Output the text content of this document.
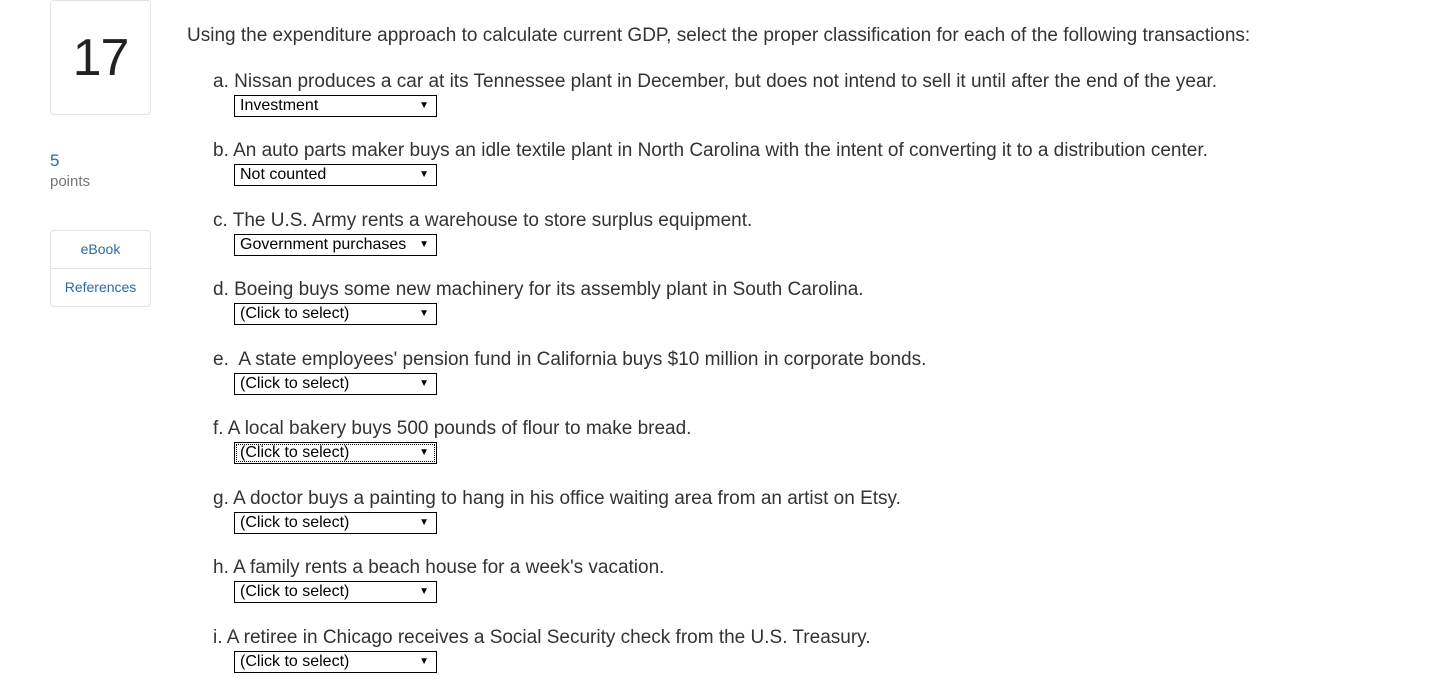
17
5
points
eBook
References
Using the expenditure approach to calculate current GDP, select the proper classification for each of the following transactions:
a. Nissan produces a car at its Tennessee plant in December, but does not intend to sell it until after the end of the year.
Investment	▼
b. An auto parts maker buys an idle textile plant in North Carolina with the intent of converting it to a distribution center.
Not counted	▼
c. The U.S. Army rents a warehouse to store surplus equipment.
Government purchases ▼
d. Boeing buys some new machinery for its assembly plant in South Carolina.
(Click to select)	▼
e.  A state employees' pension fund in California buys $10 million in corporate bonds.
(Click to select)	▼
f. A local bakery buys 500 pounds of flour to make bread.
(Click to select)	▼
g. A doctor buys a painting to hang in his office waiting area from an artist on Etsy.
(Click to select)	▼
h. A family rents a beach house for a week's vacation.
(Click to select)	▼
i. A retiree in Chicago receives a Social Security check from the U.S. Treasury.
(Click to select)	▼
